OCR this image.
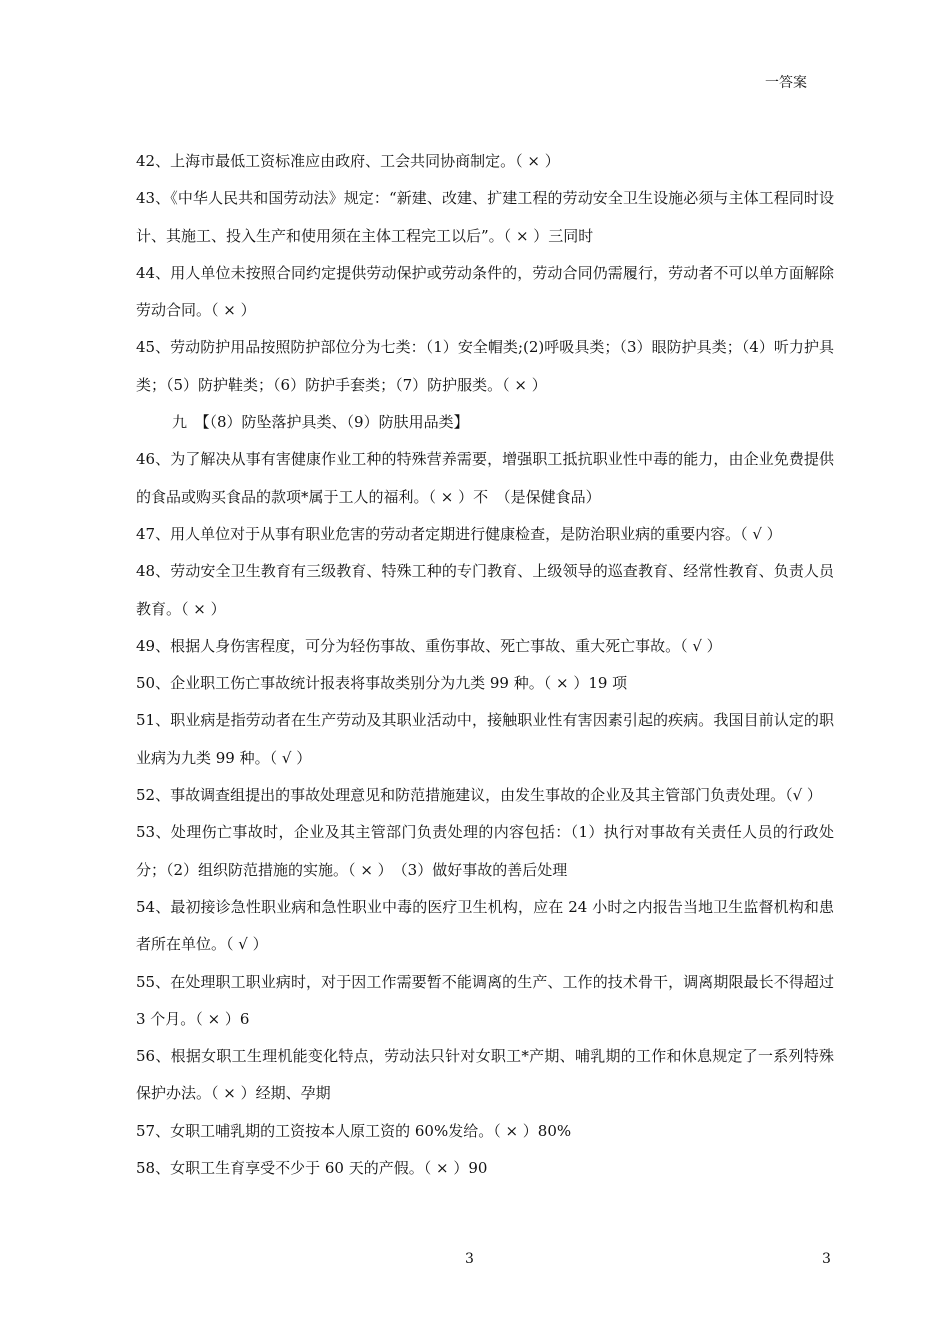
一答案

42、上海市最低工资标准应由政府、工会共同协商制定。（ × ）

43、《中华人民共和国劳动法》规定：“新建、改建、扩建工程的劳动安全卫生设施必须与主体工程同时设计、其施工、投入生产和使用须在主体工程完工以后”。（ × ）三同时

44、用人单位未按照合同约定提供劳动保护或劳动条件的，劳动合同仍需履行，劳动者不可以单方面解除劳动合同。（ × ）

45、劳动防护用品按照防护部位分为七类：（1）安全帽类;(2)呼吸具类；（3）眼防护具类；（4）听力护具类；（5）防护鞋类；（6）防护手套类；（7）防护服类。（ × ）

九　【（8）防坠落护具类、（9）防肤用品类】

46、为了解决从事有害健康作业工种的特殊营养需要，增强职工抵抗职业性中毒的能力，由企业免费提供的食品或购买食品的款项*属于工人的福利。（ × ）不　（是保健食品）

47、用人单位对于从事有职业危害的劳动者定期进行健康检查，是防治职业病的重要内容。（ √ ）

48、劳动安全卫生教育有三级教育、特殊工种的专门教育、上级领导的巡查教育、经常性教育、负责人员教育。（ × ）

49、根据人身伤害程度，可分为轻伤事故、重伤事故、死亡事故、重大死亡事故。（ √ ）

50、企业职工伤亡事故统计报表将事故类别分为九类 99 种。（ × ）19 项

51、职业病是指劳动者在生产劳动及其职业活动中，接触职业性有害因素引起的疾病。我国目前认定的职业病为九类 99 种。（ √ ）

52、事故调查组提出的事故处理意见和防范措施建议，由发生事故的企业及其主管部门负责处理。（√ ）

53、处理伤亡事故时，企业及其主管部门负责处理的内容包括：（1）执行对事故有关责任人员的行政处分；（2）组织防范措施的实施。（ × ）　（3）做好事故的善后处理

54、最初接诊急性职业病和急性职业中毒的医疗卫生机构，应在 24 小时之内报告当地卫生监督机构和患者所在单位。（ √ ）

55、在处理职工职业病时，对于因工作需要暂不能调离的生产、工作的技术骨干，调离期限最长不得超过 3 个月。（ × ）6

56、根据女职工生理机能变化特点，劳动法只针对女职工*产期、哺乳期的工作和休息规定了一系列特殊保护办法。（ × ）经期、孕期

57、女职工哺乳期的工资按本人原工资的 60%发给。（ × ）80%

58、女职工生育享受不少于 60 天的产假。（ × ）90

3	3
